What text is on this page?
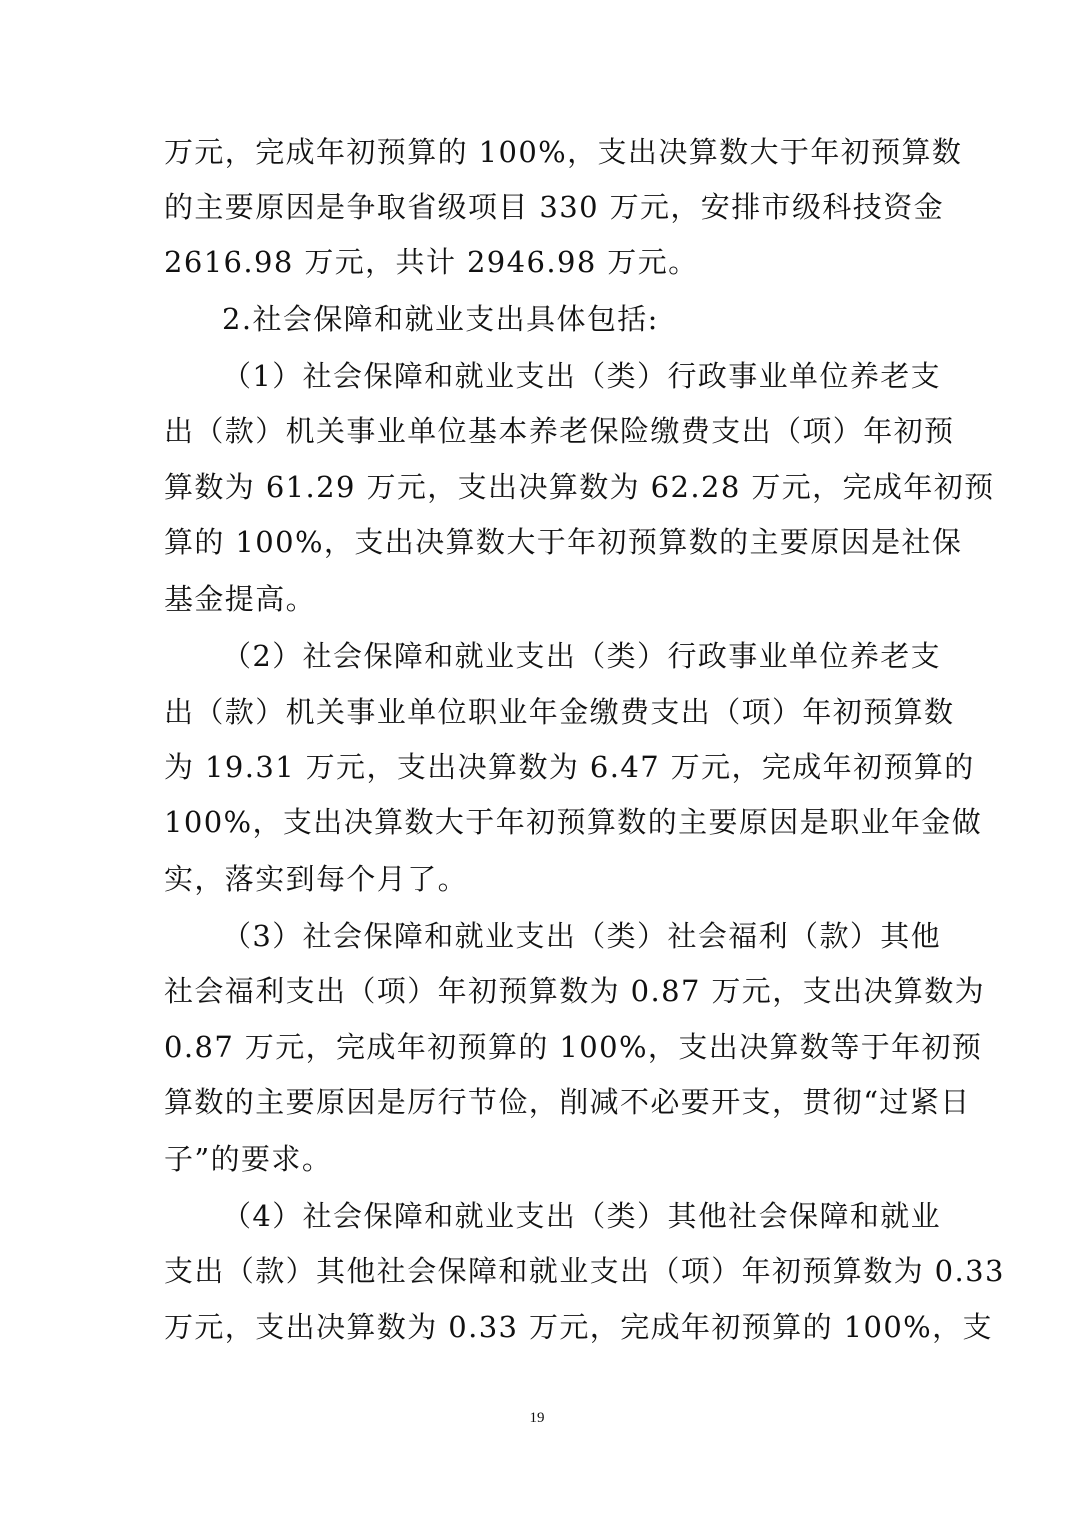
万元，完成年初预算的 100%，支出决算数大于年初预算数
的主要原因是争取省级项目 330 万元，安排市级科技资金
2616.98 万元，共计 2946.98 万元。
2.社会保障和就业支出具体包括:
（1）社会保障和就业支出（类）行政事业单位养老支
出（款）机关事业单位基本养老保险缴费支出（项）年初预
算数为 61.29 万元，支出决算数为 62.28 万元，完成年初预
算的 100%，支出决算数大于年初预算数的主要原因是社保
基金提高。
（2）社会保障和就业支出（类）行政事业单位养老支
出（款）机关事业单位职业年金缴费支出（项）年初预算数
为 19.31 万元，支出决算数为 6.47 万元，完成年初预算的
100%，支出决算数大于年初预算数的主要原因是职业年金做
实，落实到每个月了。
（3）社会保障和就业支出（类）社会福利（款）其他
社会福利支出（项）年初预算数为 0.87 万元，支出决算数为
0.87 万元，完成年初预算的 100%，支出决算数等于年初预
算数的主要原因是厉行节俭，削减不必要开支，贯彻“过紧日
子”的要求。
（4）社会保障和就业支出（类）其他社会保障和就业
支出（款）其他社会保障和就业支出（项）年初预算数为 0.33
万元，支出决算数为 0.33 万元，完成年初预算的 100%，支
19
